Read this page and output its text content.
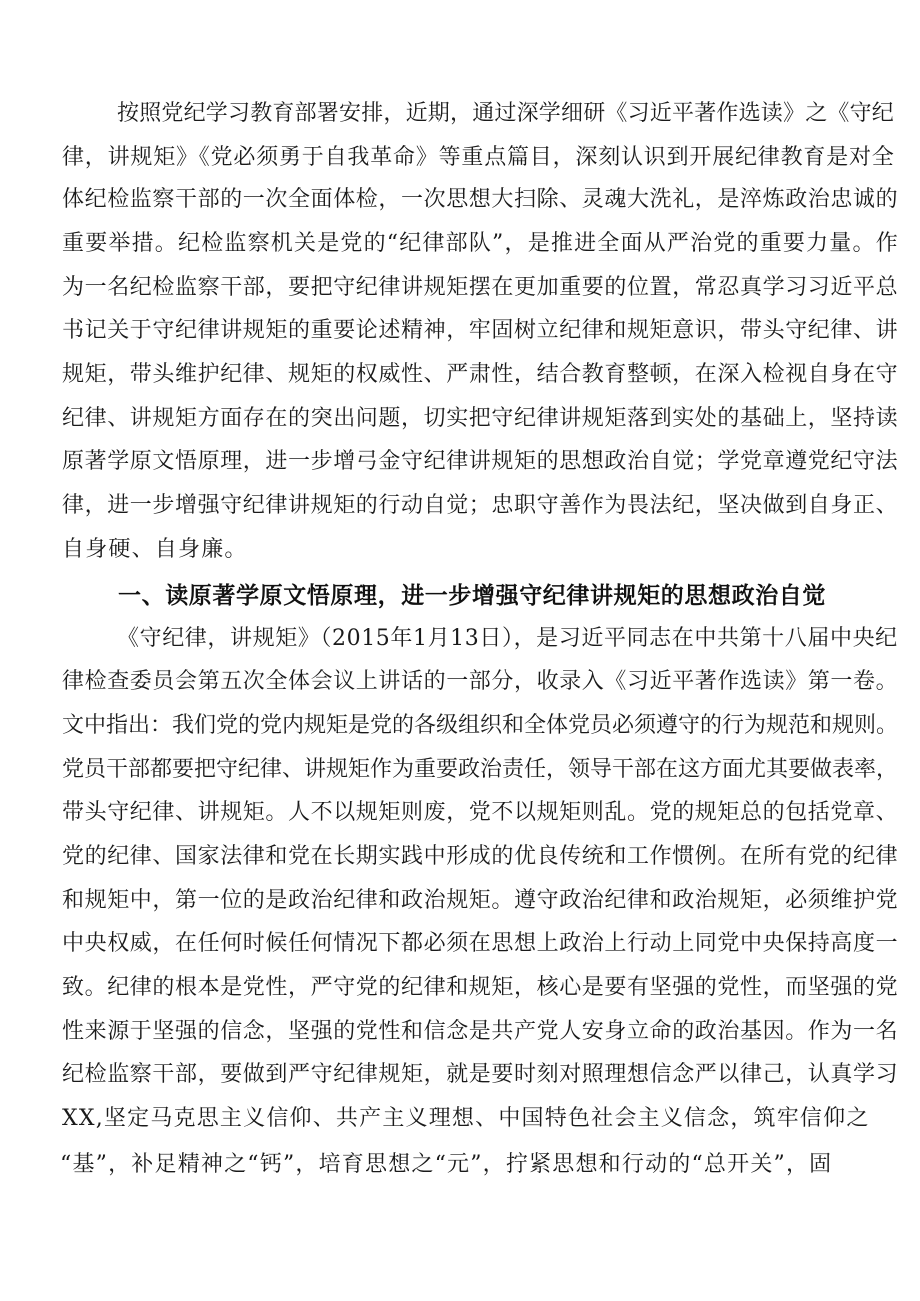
按照党纪学习教育部署安排，近期，通过深学细研《习近平著作选读》之《守纪
律，讲规矩》《党必须勇于自我革命》等重点篇目，深刻认识到开展纪律教育是对全
体纪检监察干部的一次全面体检，一次思想大扫除、灵魂大洗礼，是淬炼政治忠诚的
重要举措。纪检监察机关是党的“纪律部队”，是推进全面从严治党的重要力量。作
为一名纪检监察干部，要把守纪律讲规矩摆在更加重要的位置，常忍真学习习近平总
书记关于守纪律讲规矩的重要论述精神，牢固树立纪律和规矩意识，带头守纪律、讲
规矩，带头维护纪律、规矩的权威性、严肃性，结合教育整顿，在深入检视自身在守
纪律、讲规矩方面存在的突出问题，切实把守纪律讲规矩落到实处的基础上，坚持读
原著学原文悟原理，进一步增弓金守纪律讲规矩的思想政治自觉；学党章遵党纪守法
律，进一步增强守纪律讲规矩的行动自觉；忠职守善作为畏法纪，坚决做到自身正、
自身硬、自身廉。
一、读原著学原文悟原理，进一步增强守纪律讲规矩的思想政治自觉
《守纪律，讲规矩》（2015年1月13日），是习近平同志在中共第十八届中央纪
律检查委员会第五次全体会议上讲话的一部分，收录入《习近平著作选读》第一卷。
文中指出：我们党的党内规矩是党的各级组织和全体党员必须遵守的行为规范和规则。
党员干部都要把守纪律、讲规矩作为重要政治责任，领导干部在这方面尤其要做表率，
带头守纪律、讲规矩。人不以规矩则废，党不以规矩则乱。党的规矩总的包括党章、
党的纪律、国家法律和党在长期实践中形成的优良传统和工作惯例。在所有党的纪律
和规矩中，第一位的是政治纪律和政治规矩。遵守政治纪律和政治规矩，必须维护党
中央权威，在任何时候任何情况下都必须在思想上政治上行动上同党中央保持高度一
致。纪律的根本是党性，严守党的纪律和规矩，核心是要有坚强的党性，而坚强的党
性来源于坚强的信念，坚强的党性和信念是共产党人安身立命的政治基因。作为一名
纪检监察干部，要做到严守纪律规矩，就是要时刻对照理想信念严以律己，认真学习
XX,坚定马克思主义信仰、共产主义理想、中国特色社会主义信念，筑牢信仰之
“基”，补足精神之“钙”，培育思想之“元”，拧紧思想和行动的“总开关”，固
